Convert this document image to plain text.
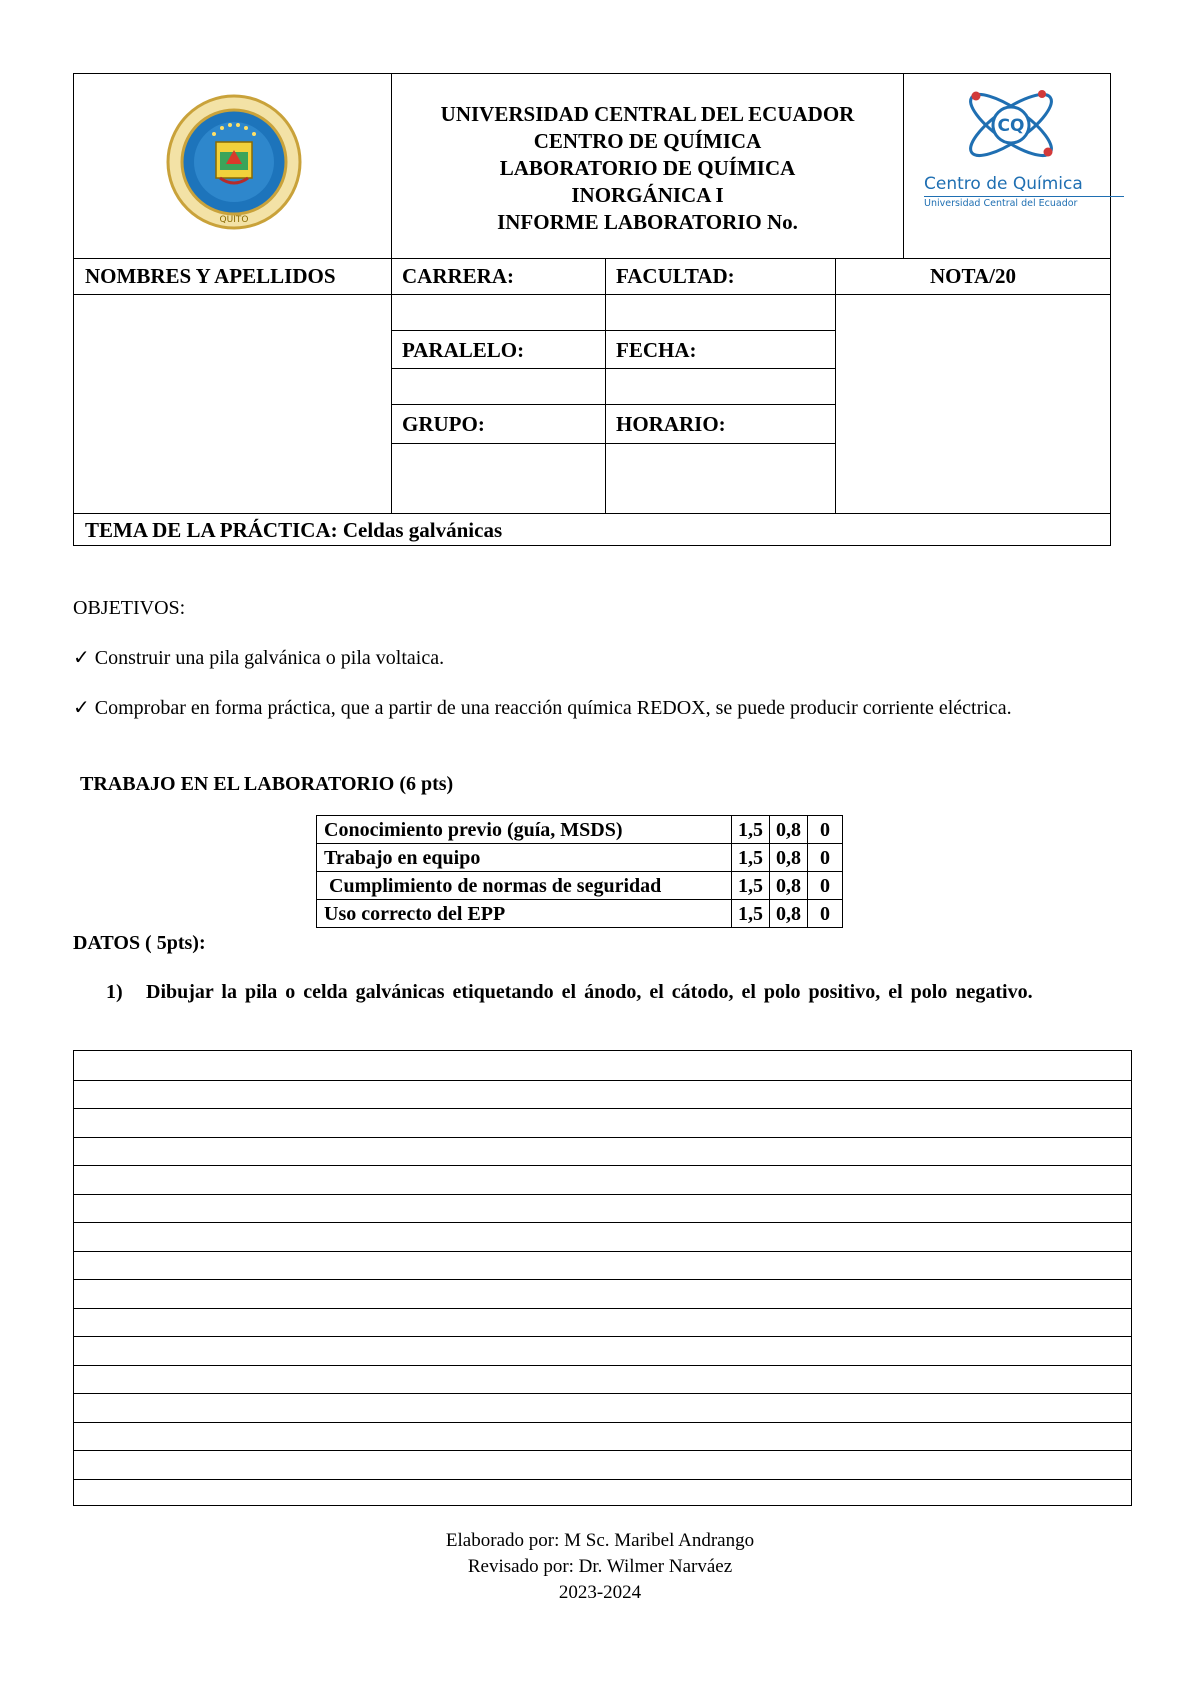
QUITO
UNIVERSIDAD CENTRAL DEL ECUADOR
CENTRO DE QUÍMICA
LABORATORIO DE QUÍMICA
INORGÁNICA I
INFORME LABORATORIO No.
CQ
Centro de Química
Universidad Central del Ecuador
NOMBRES Y APELLIDOS	CARRERA:	FACULTAD:	NOTA/20
PARALELO:	FECHA:
GRUPO:	HORARIO:
TEMA DE LA PRÁCTICA: Celdas galvánicas
OBJETIVOS:
✓ Construir una pila galvánica o pila voltaica.
✓ Comprobar en forma práctica, que a partir de una reacción química REDOX, se puede producir corriente eléctrica.
TRABAJO EN EL LABORATORIO (6 pts)
Conocimiento previo (guía, MSDS)	1,5	0,8	0
Trabajo en equipo	1,5	0,8	0
Cumplimiento de normas de seguridad	1,5	0,8	0
Uso correcto del EPP	1,5	0,8	0
DATOS ( 5pts):
1) Dibujar la pila o celda galvánicas etiquetando el ánodo, el cátodo, el polo positivo, el polo negativo.
Elaborado por: M Sc. Maribel Andrango
Revisado por: Dr. Wilmer Narváez
2023-2024
